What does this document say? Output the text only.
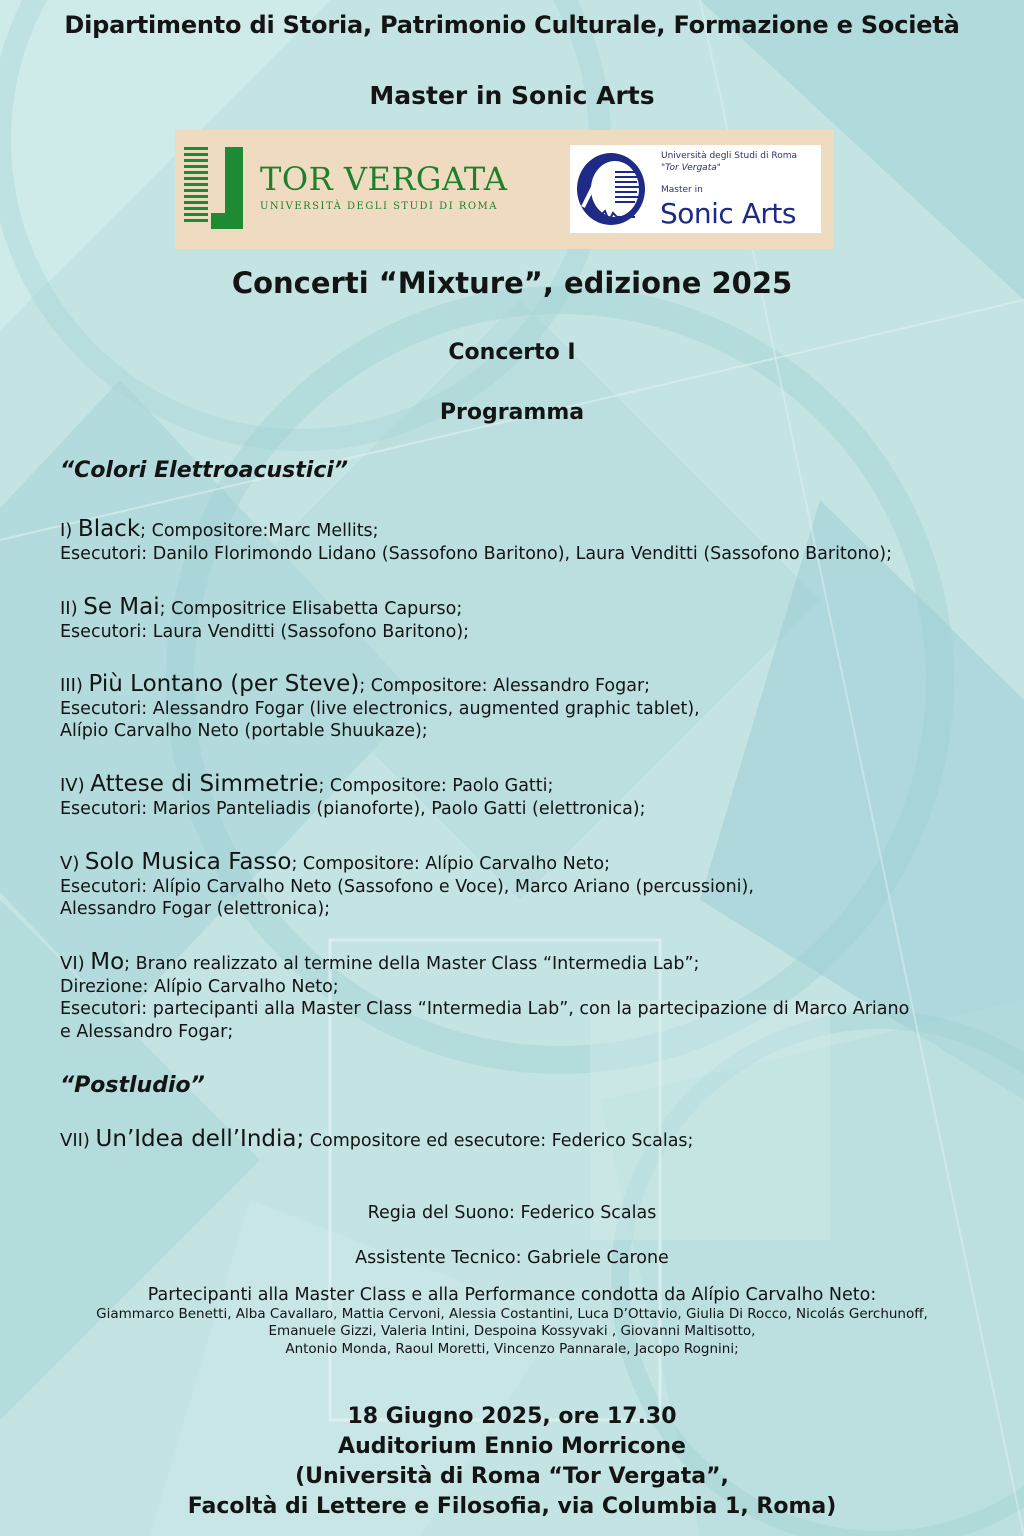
Dipartimento di Storia, Patrimonio Culturale, Formazione e Società
Master in Sonic Arts
TOR VERGATA
UNIVERSITÀ DEGLI STUDI DI ROMA
Università degli Studi di Roma
"Tor Vergata"
Master in
Sonic Arts
Concerti “Mixture”, edizione 2025
Concerto I
Programma
“Colori Elettroacustici”
I) Black; Compositore:Marc Mellits;
Esecutori: Danilo Florimondo Lidano (Sassofono Baritono), Laura Venditti (Sassofono Baritono);
II) Se Mai; Compositrice Elisabetta Capurso;
Esecutori: Laura Venditti (Sassofono Baritono);
III) Più Lontano (per Steve); Compositore: Alessandro Fogar;
Esecutori: Alessandro Fogar (live electronics, augmented graphic tablet),
Alípio Carvalho Neto (portable Shuukaze);
IV) Attese di Simmetrie; Compositore: Paolo Gatti;
Esecutori: Marios Panteliadis (pianoforte), Paolo Gatti (elettronica);
V) Solo Musica Fasso; Compositore: Alípio Carvalho Neto;
Esecutori: Alípio Carvalho Neto (Sassofono e Voce), Marco Ariano (percussioni),
Alessandro Fogar (elettronica);
VI) Mo; Brano realizzato al termine della Master Class “Intermedia Lab”;
Direzione: Alípio Carvalho Neto;
Esecutori: partecipanti alla Master Class “Intermedia Lab”, con la partecipazione di Marco Ariano
e Alessandro Fogar;
“Postludio”
VII) Un’Idea dell’India; Compositore ed esecutore: Federico Scalas;
Regia del Suono: Federico Scalas
Assistente Tecnico: Gabriele Carone
Partecipanti alla Master Class e alla Performance condotta da Alípio Carvalho Neto:
Giammarco Benetti, Alba Cavallaro, Mattia Cervoni, Alessia Costantini, Luca D’Ottavio, Giulia Di Rocco, Nicolás Gerchunoff,
Emanuele Gizzi, Valeria Intini, Despoina Kossyvaki , Giovanni Maltisotto,
Antonio Monda, Raoul Moretti, Vincenzo Pannarale, Jacopo Rognini;
18 Giugno 2025, ore 17.30
Auditorium Ennio Morricone
(Università di Roma “Tor Vergata”,
Facoltà di Lettere e Filosofia, via Columbia 1, Roma)
